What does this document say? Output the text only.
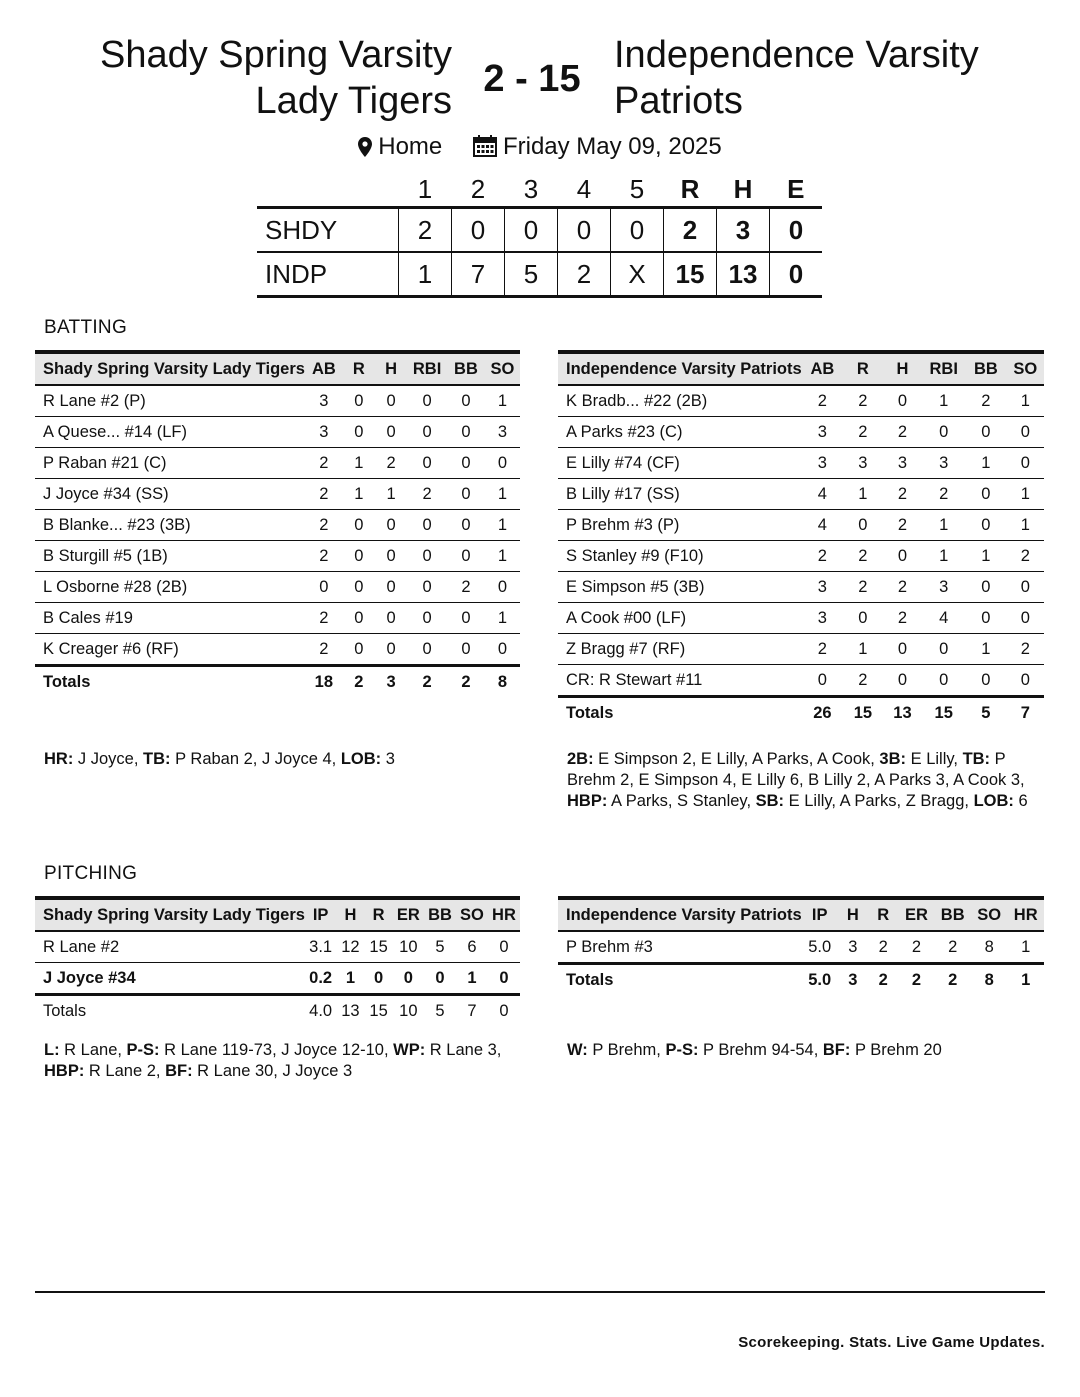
Shady Spring Varsity
Lady Tigers
2 - 15
Independence Varsity
Patriots
Home	Friday May 09, 2025
	1	2	3	4	5	R	H	E
SHDY	2	0	0	0	0	2	3	0
INDP	1	7	5	2	X	15	13	0
BATTING
Shady Spring Varsity Lady Tigers	AB	R	H	RBI	BB	SO
R Lane #2 (P)	3	0	0	0	0	1
A Quese... #14 (LF)	3	0	0	0	0	3
P Raban #21 (C)	2	1	2	0	0	0
J Joyce #34 (SS)	2	1	1	2	0	1
B Blanke... #23 (3B)	2	0	0	0	0	1
B Sturgill #5 (1B)	2	0	0	0	0	1
L Osborne #28 (2B)	0	0	0	0	2	0
B Cales #19	2	0	0	0	0	1
K Creager #6 (RF)	2	0	0	0	0	0
Totals	18	2	3	2	2	8
Independence Varsity Patriots	AB	R	H	RBI	BB	SO
K Bradb... #22 (2B)	2	2	0	1	2	1
A Parks #23 (C)	3	2	2	0	0	0
E Lilly #74 (CF)	3	3	3	3	1	0
B Lilly #17 (SS)	4	1	2	2	0	1
P Brehm #3 (P)	4	0	2	1	0	1
S Stanley #9 (F10)	2	2	0	1	1	2
E Simpson #5 (3B)	3	2	2	3	0	0
A Cook #00 (LF)	3	0	2	4	0	0
Z Bragg #7 (RF)	2	1	0	0	1	2
CR: R Stewart #11	0	2	0	0	0	0
Totals	26	15	13	15	5	7
HR: J Joyce, TB: P Raban 2, J Joyce 4, LOB: 3	2B: E Simpson 2, E Lilly, A Parks, A Cook, 3B: E Lilly, TB: P Brehm 2, E Simpson 4, E Lilly 6, B Lilly 2, A Parks 3, A Cook 3, HBP: A Parks, S Stanley, SB: E Lilly, A Parks, Z Bragg, LOB: 6
PITCHING
Shady Spring Varsity Lady Tigers	IP	H	R	ER	BB	SO	HR
R Lane #2	3.1	12	15	10	5	6	0
J Joyce #34	0.2	1	0	0	0	1	0
Totals	4.0	13	15	10	5	7	0
Independence Varsity Patriots	IP	H	R	ER	BB	SO	HR
P Brehm #3	5.0	3	2	2	2	8	1
Totals	5.0	3	2	2	2	8	1
L: R Lane, P-S: R Lane 119-73, J Joyce 12-10, WP: R Lane 3, HBP: R Lane 2, BF: R Lane 30, J Joyce 3
W: P Brehm, P-S: P Brehm 94-54, BF: P Brehm 20
Scorekeeping. Stats. Live Game Updates.
